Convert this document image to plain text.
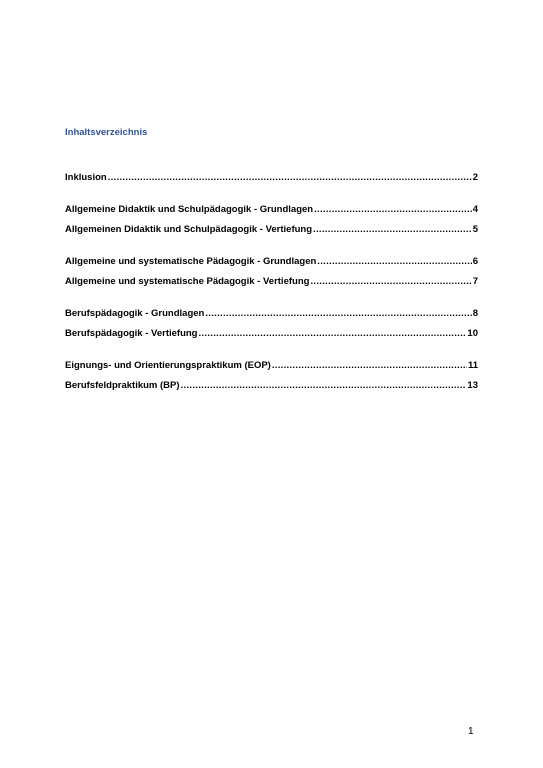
Inhaltsverzeichnis
Inklusion .....	2
Allgemeine Didaktik und Schulpädagogik - Grundlagen .....	4
Allgemeinen Didaktik und Schulpädagogik - Vertiefung .....	5
Allgemeine und systematische Pädagogik - Grundlagen .....	6
Allgemeine und systematische Pädagogik - Vertiefung .....	7
Berufspädagogik - Grundlagen .....	8
Berufspädagogik - Vertiefung .....	10
Eignungs- und Orientierungspraktikum (EOP) .....	11
Berufsfeldpraktikum (BP) .....	13
1
